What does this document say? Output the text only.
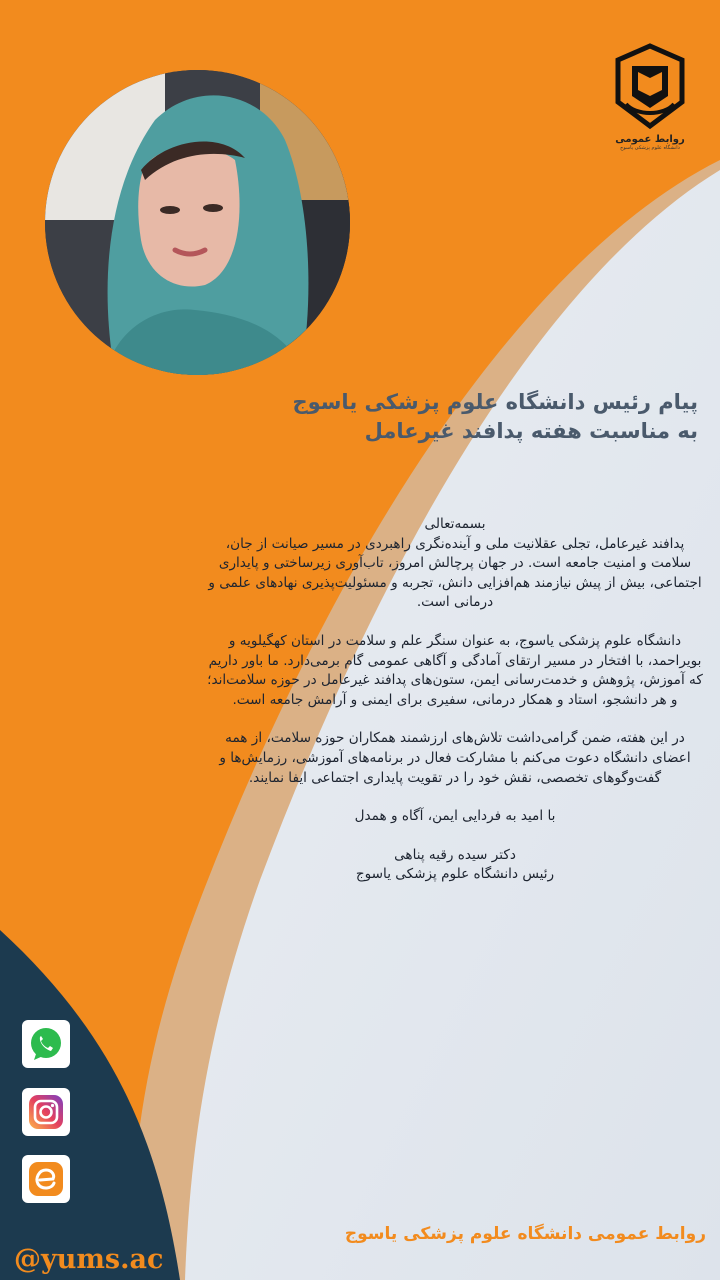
روابط عمومی
دانشگاه علوم پزشکی یاسوج
پیام رئیس دانشگاه علوم پزشکی یاسوج
به مناسبت هفته پدافند غیرعامل

بسمه‌تعالی

پدافند غیرعامل، تجلی عقلانیت ملی و آینده‌نگری راهبردی در مسیر صیانت از جان، سلامت و امنیت جامعه است. در جهان پرچالش امروز، تاب‌آوری زیرساختی و پایداری اجتماعی، بیش از پیش نیازمند هم‌افزایی دانش، تجربه و مسئولیت‌پذیری نهادهای علمی و درمانی است.

دانشگاه علوم پزشکی یاسوج، به عنوان سنگر علم و سلامت در استان کهگیلویه و بویراحمد، با افتخار در مسیر ارتقای آمادگی و آگاهی عمومی گام برمی‌دارد. ما باور داریم که آموزش، پژوهش و خدمت‌رسانی ایمن، ستون‌های پدافند غیرعامل در حوزه سلامت‌اند؛ و هر دانشجو، استاد و همکار درمانی، سفیری برای ایمنی و آرامش جامعه است.

در این هفته، ضمن گرامی‌داشت تلاش‌های ارزشمند همکاران حوزه سلامت، از همه اعضای دانشگاه دعوت می‌کنم با مشارکت فعال در برنامه‌های آموزشی، رزمایش‌ها و گفت‌وگوهای تخصصی، نقش خود را در تقویت پایداری اجتماعی ایفا نمایند.

با امید به فردایی ایمن، آگاه و همدل

دکتر سیده رقیه پناهی
رئیس دانشگاه علوم پزشکی یاسوج

@yums.ac
روابط عمومی دانشگاه علوم پزشکی یاسوج
